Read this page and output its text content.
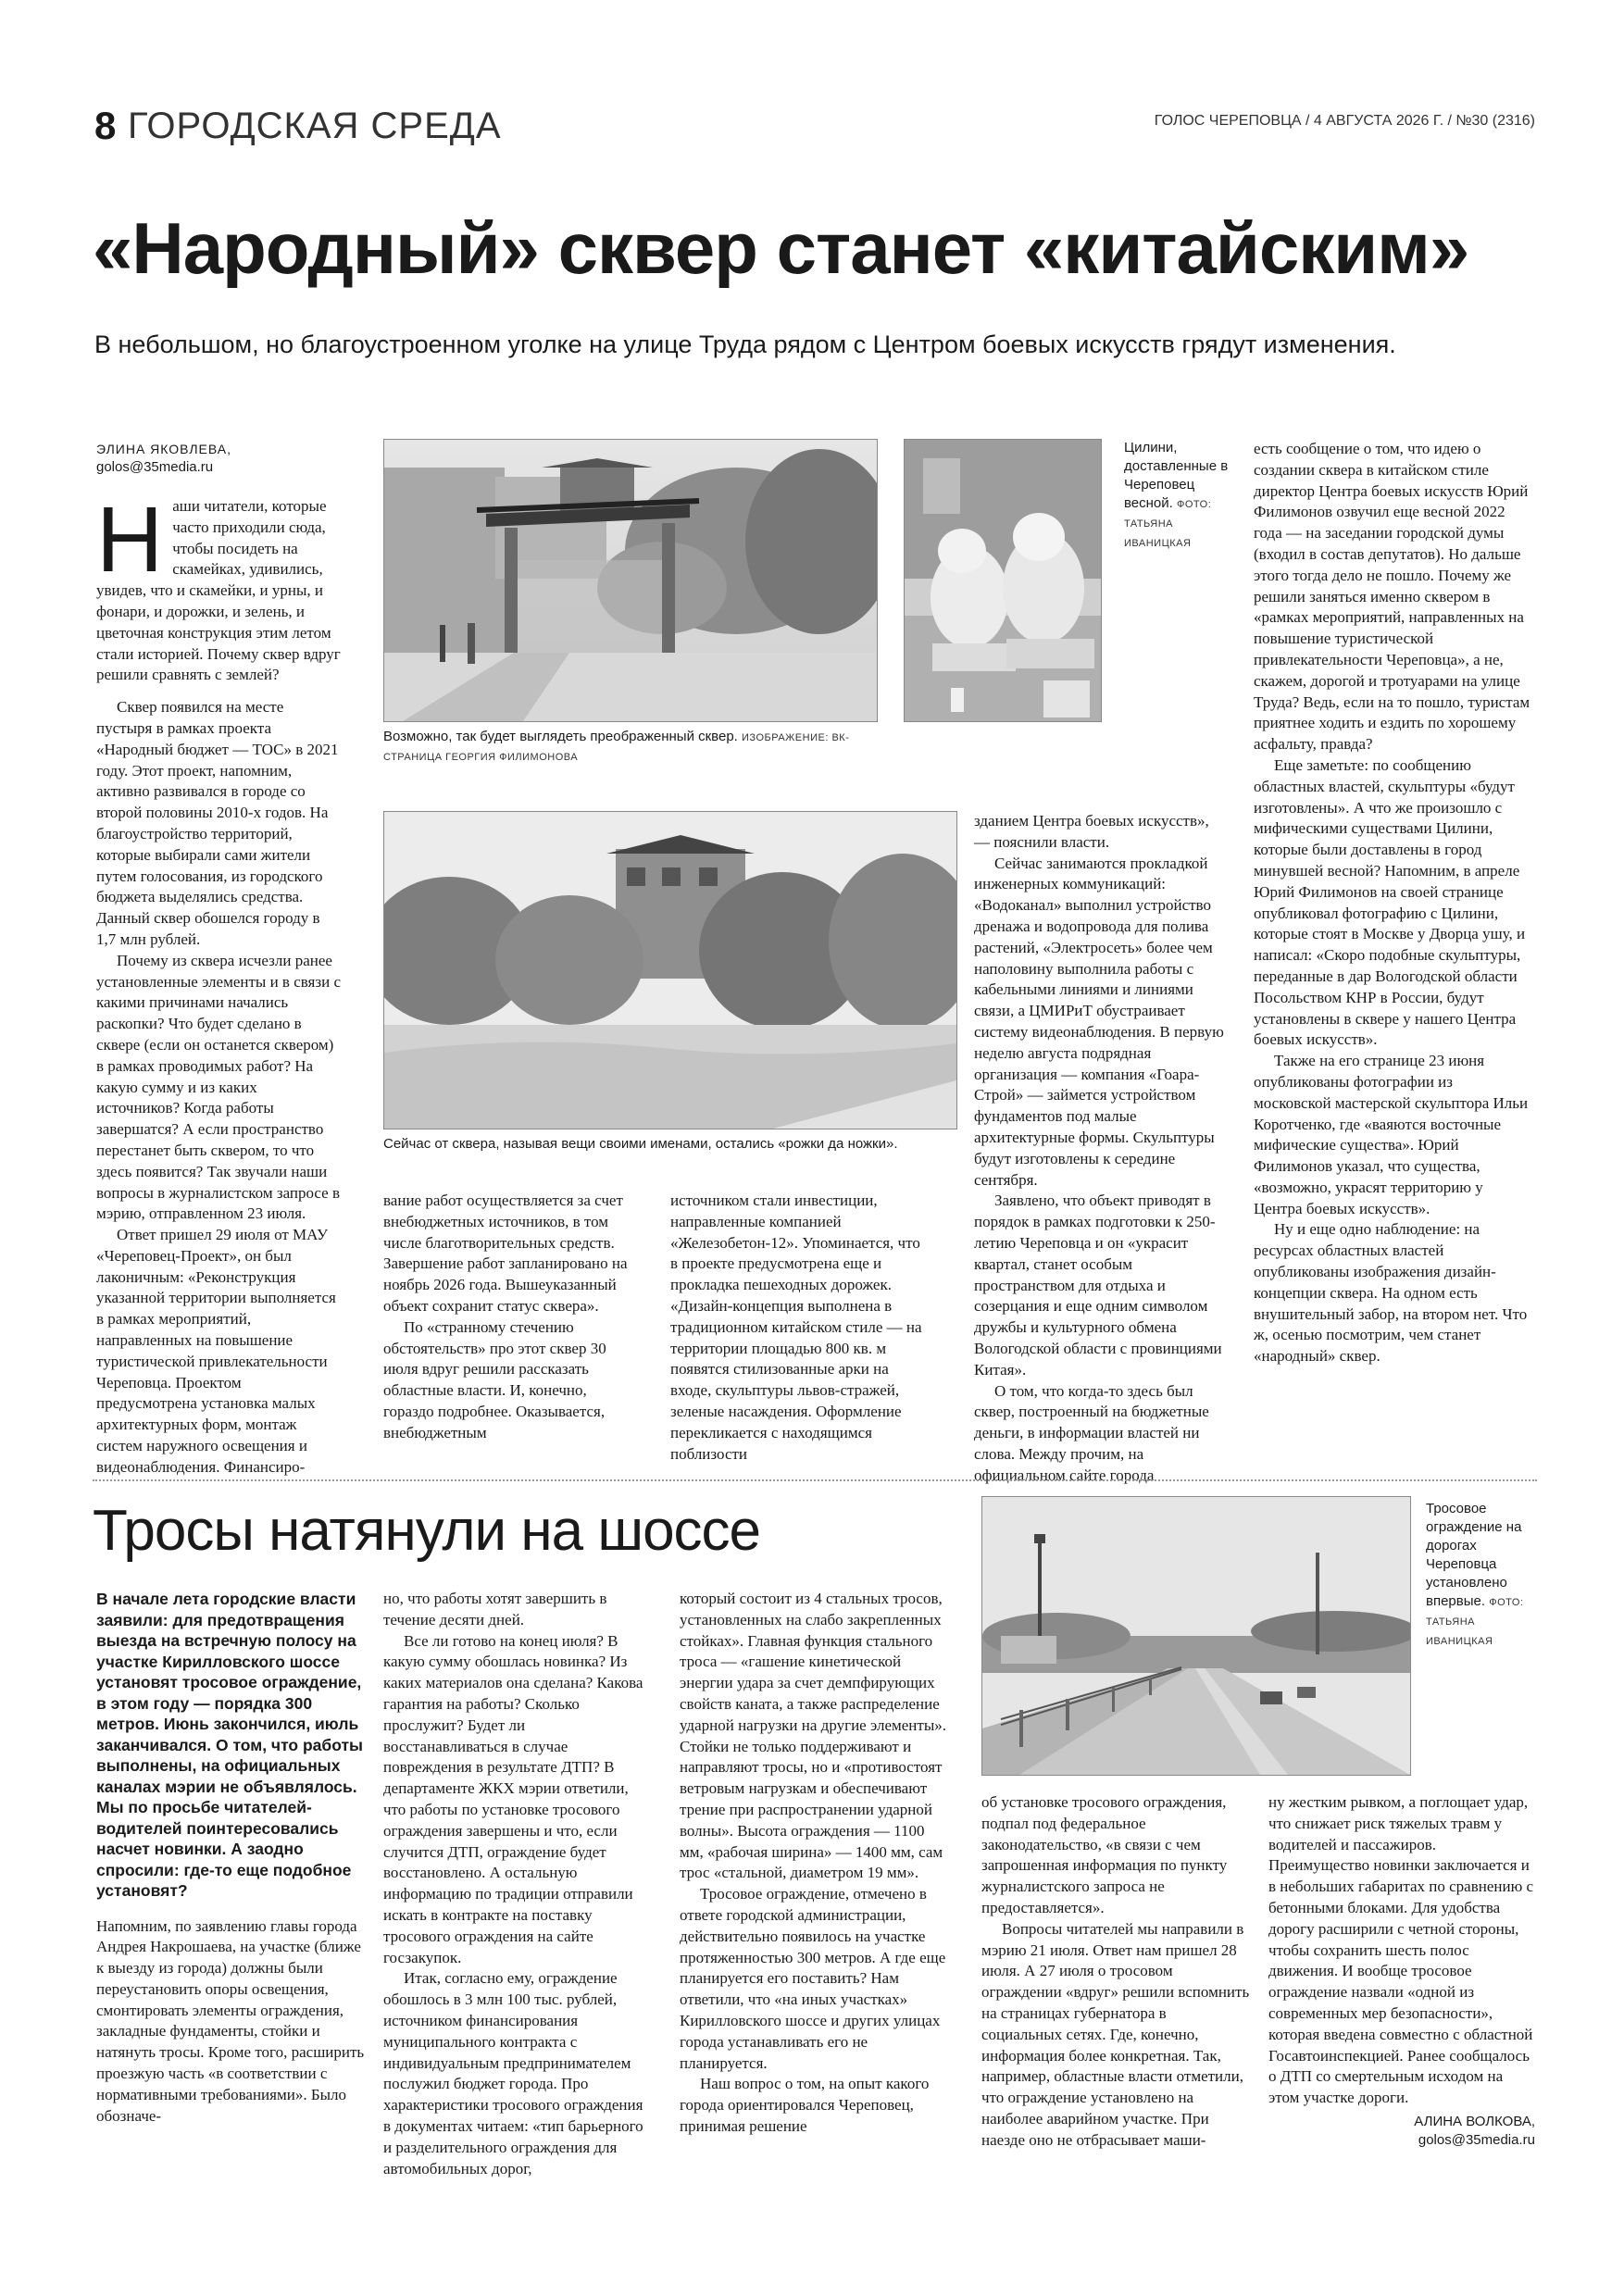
8 ГОРОДСКАЯ СРЕДА	ГОЛОС ЧЕРЕПОВЦА / 4 АВГУСТА 2026 Г. / №30 (2316)
«Народный» сквер станет «китайским»
В небольшом, но благоустроенном уголке на улице Труда рядом с Центром боевых искусств грядут изменения.
ЭЛИНА ЯКОВЛЕВА,
golos@35media.ru

Наши читатели, которые часто приходили сюда, чтобы посидеть на скамейках, удивились, увидев, что и скамейки, и урны, и фонари, и дорожки, и зелень, и цветочная конструкция этим летом стали историей. Почему сквер вдруг решили сравнять с землей?

Сквер появился на месте пустыря в рамках проекта «Народный бюджет — ТОС» в 2021 году. Этот проект, напомним, активно развивался в городе со второй половины 2010-х годов. На благоустройство территорий, которые выбирали сами жители путем голосования, из городского бюджета выделялись средства. Данный сквер обошелся городу в 1,7 млн рублей.

Почему из сквера исчезли ранее установленные элементы и в связи с какими причинами начались раскопки? Что будет сделано в сквере (если он останется сквером) в рамках проводимых работ? На какую сумму и из каких источников? Когда работы завершатся? А если пространство перестанет быть сквером, то что здесь появится? Так звучали наши вопросы в журналистском запросе в мэрию, отправленном 23 июля.

Ответ пришел 29 июля от МАУ «Череповец-Проект», он был лаконичным: «Реконструкция указанной территории выполняется в рамках мероприятий, направленных на повышение туристической привлекательности Череповца. Проектом предусмотрена установка малых архитектурных форм, монтаж систем наружного освещения и видеонаблюдения. Финансиро-

Возможно, так будет выглядеть преображенный сквер. ИЗОБРАЖЕНИЕ: ВК-СТРАНИЦА ГЕОРГИЯ ФИЛИМОНОВА
Цилини, доставленные в Череповец весной. ФОТО: ТАТЬЯНА ИВАНИЦКАЯ
Сейчас от сквера, называя вещи своими именами, остались «рожки да ножки».

вание работ осуществляется за счет внебюджетных источников, в том числе благотворительных средств. Завершение работ запланировано на ноябрь 2026 года. Вышеуказанный объект сохранит статус сквера».

По «странному стечению обстоятельств» про этот сквер 30 июля вдруг решили рассказать областные власти. И, конечно, гораздо подробнее. Оказывается, внебюджетным

источником стали инвестиции, направленные компанией «Железобетон-12». Упоминается, что в проекте предусмотрена еще и прокладка пешеходных дорожек. «Дизайн-концепция выполнена в традиционном китайском стиле — на территории площадью 800 кв. м появятся стилизованные арки на входе, скульптуры львов-стражей, зеленые насаждения. Оформление перекликается с находящимся поблизости

зданием Центра боевых искусств», — пояснили власти.

Сейчас занимаются прокладкой инженерных коммуникаций: «Водоканал» выполнил устройство дренажа и водопровода для полива растений, «Электросеть» более чем наполовину выполнила работы с кабельными линиями и линиями связи, а ЦМИРиТ обустраивает систему видеонаблюдения. В первую неделю августа подрядная организация — компания «Гоара-Строй» — займется устройством фундаментов под малые архитектурные формы. Скульптуры будут изготовлены к середине сентября.

Заявлено, что объект приводят в порядок в рамках подготовки к 250-летию Череповца и он «украсит квартал, станет особым пространством для отдыха и созерцания и еще одним символом дружбы и культурного обмена Вологодской области с провинциями Китая».

О том, что когда-то здесь был сквер, построенный на бюджетные деньги, в информации властей ни слова. Между прочим, на официальном сайте города

есть сообщение о том, что идею о создании сквера в китайском стиле директор Центра боевых искусств Юрий Филимонов озвучил еще весной 2022 года — на заседании городской думы (входил в состав депутатов). Но дальше этого тогда дело не пошло. Почему же решили заняться именно сквером в «рамках мероприятий, направленных на повышение туристической привлекательности Череповца», а не, скажем, дорогой и тротуарами на улице Труда? Ведь, если на то пошло, туристам приятнее ходить и ездить по хорошему асфальту, правда?

Еще заметьте: по сообщению областных властей, скульптуры «будут изготовлены». А что же произошло с мифическими существами Цилини, которые были доставлены в город минувшей весной? Напомним, в апреле Юрий Филимонов на своей странице опубликовал фотографию с Цилини, которые стоят в Москве у Дворца ушу, и написал: «Скоро подобные скульптуры, переданные в дар Вологодской области Посольством КНР в России, будут установлены в сквере у нашего Центра боевых искусств».

Также на его странице 23 июня опубликованы фотографии из московской мастерской скульптора Ильи Коротченко, где «ваяются восточные мифические существа». Юрий Филимонов указал, что существа, «возможно, украсят территорию у Центра боевых искусств».

Ну и еще одно наблюдение: на ресурсах областных властей опубликованы изображения дизайн-концепции сквера. На одном есть внушительный забор, на втором нет. Что ж, осенью посмотрим, чем станет «народный» сквер.

Тросы натянули на шоссе	Тросовое ограждение на дорогах Череповца установлено впервые. ФОТО: ТАТЬЯНА ИВАНИЦКАЯ
В начале лета городские власти заявили: для предотвращения выезда на встречную полосу на участке Кирилловского шоссе установят тросовое ограждение, в этом году — порядка 300 метров. Июнь закончился, июль заканчивался. О том, что работы выполнены, на официальных каналах мэрии не объявлялось. Мы по просьбе читателей-водителей поинтересовались насчет новинки. А заодно спросили: где-то еще подобное установят?

Напомним, по заявлению главы города Андрея Накрошаева, на участке (ближе к выезду из города) должны были переустановить опоры освещения, смонтировать элементы ограждения, закладные фундаменты, стойки и натянуть тросы. Кроме того, расширить проезжую часть «в соответствии с нормативными требованиями». Было обозначе-

но, что работы хотят завершить в течение десяти дней.

Все ли готово на конец июля? В какую сумму обошлась новинка? Из каких материалов она сделана? Какова гарантия на работы? Сколько прослужит? Будет ли восстанавливаться в случае повреждения в результате ДТП? В департаменте ЖКХ мэрии ответили, что работы по установке тросового ограждения завершены и что, если случится ДТП, ограждение будет восстановлено. А остальную информацию по традиции отправили искать в контракте на поставку тросового ограждения на сайте госзакупок.

Итак, согласно ему, ограждение обошлось в 3 млн 100 тыс. рублей, источником финансирования муниципального контракта с индивидуальным предпринимателем послужил бюджет города. Про характеристики тросового ограждения в документах читаем: «тип барьерного и разделительного ограждения для автомобильных дорог,

который состоит из 4 стальных тросов, установленных на слабо закрепленных стойках». Главная функция стального троса — «гашение кинетической энергии удара за счет демпфирующих свойств каната, а также распределение ударной нагрузки на другие элементы». Стойки не только поддерживают и направляют тросы, но и «противостоят ветровым нагрузкам и обеспечивают трение при распространении ударной волны». Высота ограждения — 1100 мм, «рабочая ширина» — 1400 мм, сам трос «стальной, диаметром 19 мм».

Тросовое ограждение, отмечено в ответе городской администрации, действительно появилось на участке протяженностью 300 метров. А где еще планируется его поставить? Нам ответили, что «на иных участках» Кирилловского шоссе и других улицах города устанавливать его не планируется.

Наш вопрос о том, на опыт какого города ориентировался Череповец, принимая решение

об установке тросового ограждения, подпал под федеральное законодательство, «в связи с чем запрошенная информация по пункту журналистского запроса не предоставляется».

Вопросы читателей мы направили в мэрию 21 июля. Ответ нам пришел 28 июля. А 27 июля о тросовом ограждении «вдруг» решили вспомнить на страницах губернатора в социальных сетях. Где, конечно, информация более конкретная. Так, например, областные власти отметили, что ограждение установлено на наиболее аварийном участке. При наезде оно не отбрасывает маши-

ну жестким рывком, а поглощает удар, что снижает риск тяжелых травм у водителей и пассажиров. Преимущество новинки заключается и в небольших габаритах по сравнению с бетонными блоками. Для удобства дорогу расширили с четной стороны, чтобы сохранить шесть полос движения. И вообще тросовое ограждение назвали «одной из современных мер безопасности», которая введена совместно с областной Госавтоинспекцией. Ранее сообщалось о ДТП со смертельным исходом на этом участке дороги.

АЛИНА ВОЛКОВА,
golos@35media.ru
